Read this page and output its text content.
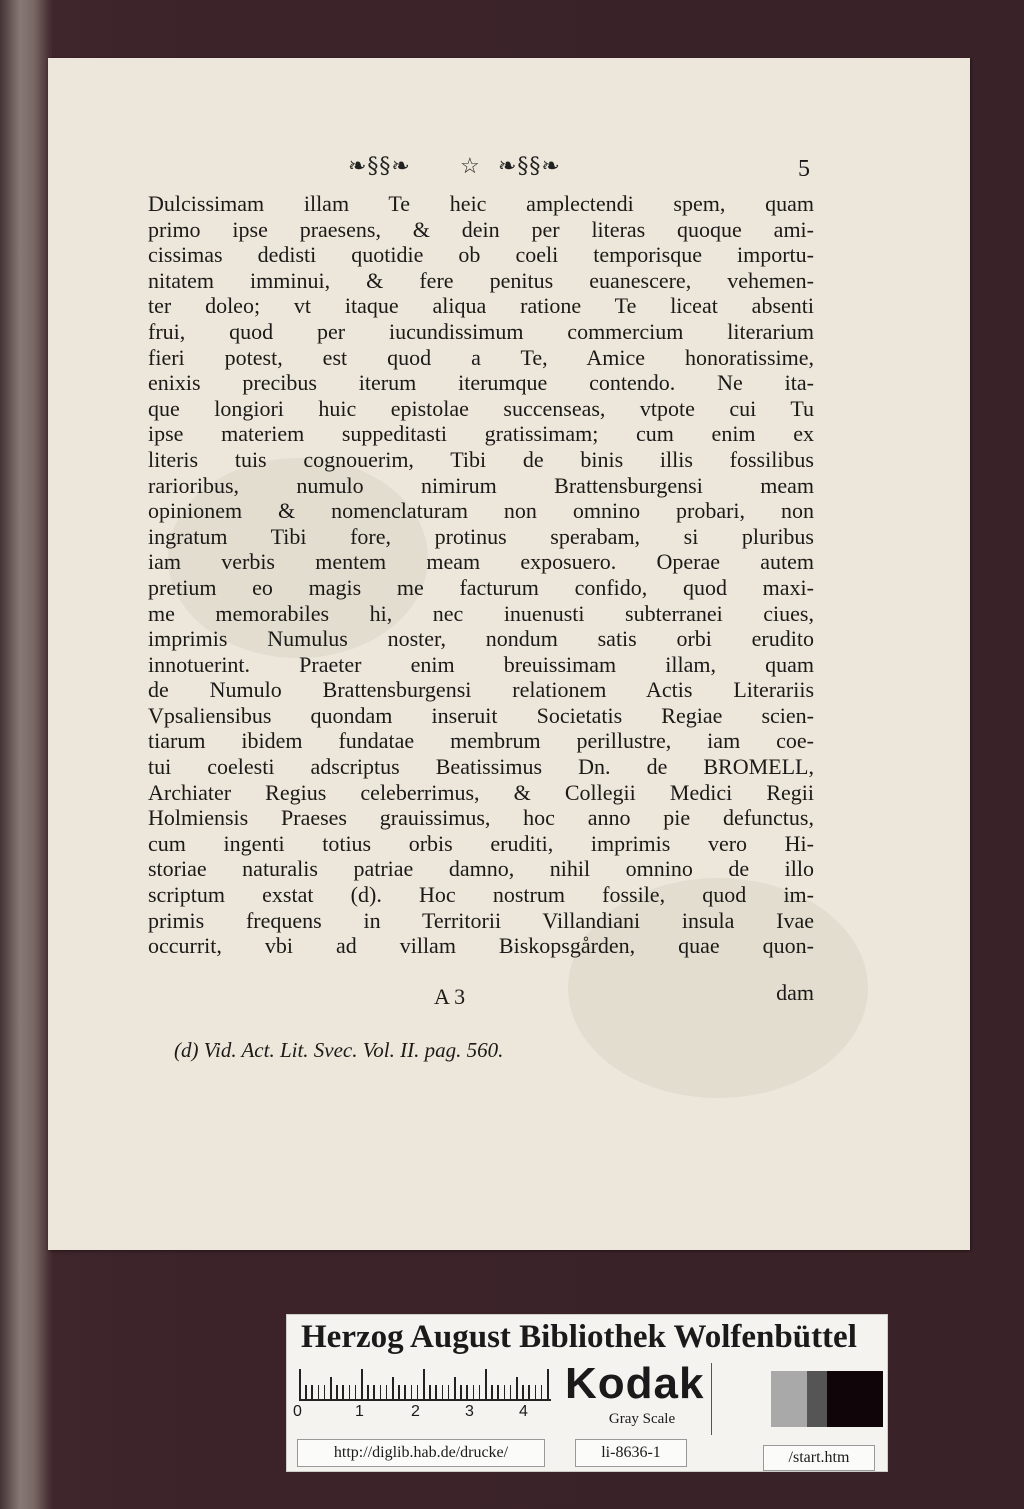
❧§§❧ ☆ ❧§§❧	5
Dulcissimam illam Te heic amplectendi spem, quam
primo ipse praesens, & dein per literas quoque ami-
cissimas dedisti quotidie ob coeli temporisque importu-
nitatem imminui, & fere penitus euanescere, vehemen-
ter doleo; vt itaque aliqua ratione Te liceat absenti
frui, quod per iucundissimum commercium literarium
fieri potest, est quod a Te, Amice honoratissime,
enixis precibus iterum iterumque contendo. Ne ita-
que longiori huic epistolae succenseas, vtpote cui Tu
ipse materiem suppeditasti gratissimam; cum enim ex
literis tuis cognouerim, Tibi de binis illis fossilibus
rarioribus, numulo nimirum Brattensburgensi meam
opinionem & nomenclaturam non omnino probari, non
ingratum Tibi fore, protinus sperabam, si pluribus
iam verbis mentem meam exposuero. Operae autem
pretium eo magis me facturum confido, quod maxi-
me memorabiles hi, nec inuenusti subterranei ciues,
imprimis Numulus noster, nondum satis orbi erudito
innotuerint. Praeter enim breuissimam illam, quam
de Numulo Brattensburgensi relationem Actis Literariis
Vpsaliensibus quondam inseruit Societatis Regiae scien-
tiarum ibidem fundatae membrum perillustre, iam coe-
tui coelesti adscriptus Beatissimus Dn. de BROMELL,
Archiater Regius celeberrimus, & Collegii Medici Regii
Holmiensis Praeses grauissimus, hoc anno pie defunctus,
cum ingenti totius orbis eruditi, imprimis vero Hi-
storiae naturalis patriae damno, nihil omnino de illo
scriptum exstat (d). Hoc nostrum fossile, quod im-
primis frequens in Territorii Villandiani insula Ivae
occurrit, vbi ad villam Biskopsgården, quae quon-
A 3	dam
(d) Vid. Act. Lit. Svec. Vol. II. pag. 560.
Herzog August Bibliothek Wolfenbüttel
0	1	2	3	4
Kodak
Gray Scale
http://diglib.hab.de/drucke/	li-8636-1	/start.htm
